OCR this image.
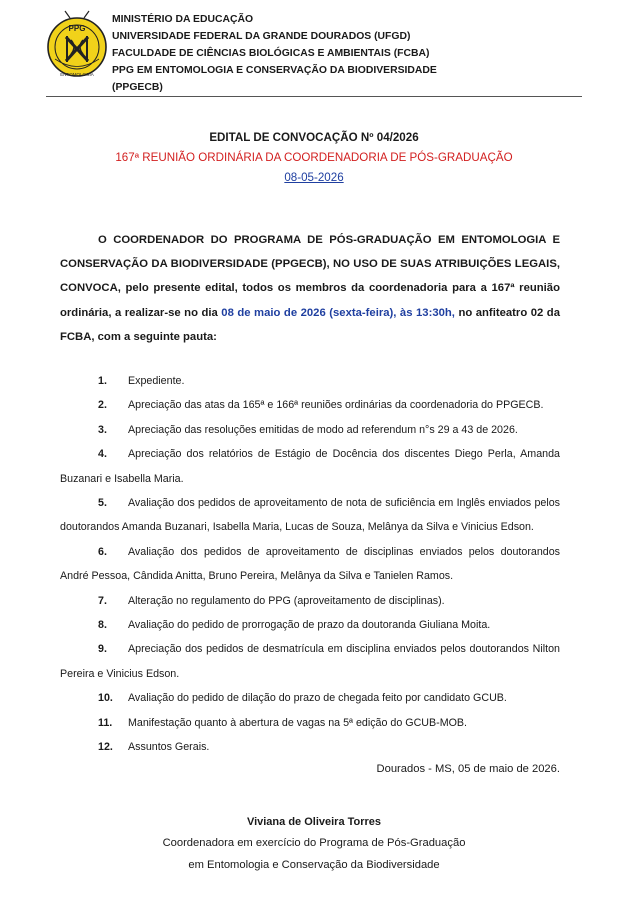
PPG
ENTOMOLOGIA
MINISTÉRIO DA EDUCAÇÃO
UNIVERSIDADE FEDERAL DA GRANDE DOURADOS (UFGD)
FACULDADE DE CIÊNCIAS BIOLÓGICAS E AMBIENTAIS (FCBA)
PPG EM ENTOMOLOGIA E CONSERVAÇÃO DA BIODIVERSIDADE
(PPGECB)
EDITAL DE CONVOCAÇÃO Nº 04/2026
167ª REUNIÃO ORDINÁRIA DA COORDENADORIA DE PÓS-GRADUAÇÃO
08-05-2026
O COORDENADOR DO PROGRAMA DE PÓS-GRADUAÇÃO EM ENTOMOLOGIA E CONSERVAÇÃO DA BIODIVERSIDADE (PPGECB), NO USO DE SUAS ATRIBUIÇÕES LEGAIS, CONVOCA, pelo presente edital, todos os membros da coordenadoria para a 167ª reunião ordinária, a realizar-se no dia 08 de maio de 2026 (sexta-feira), às 13:30h, no anfiteatro 02 da FCBA, com a seguinte pauta:
1. Expediente.
2. Apreciação das atas da 165ª e 166ª reuniões ordinárias da coordenadoria do PPGECB.
3. Apreciação das resoluções emitidas de modo ad referendum n°s 29 a 43 de 2026.
4. Apreciação dos relatórios de Estágio de Docência dos discentes Diego Perla, Amanda Buzanari e Isabella Maria.
5. Avaliação dos pedidos de aproveitamento de nota de suficiência em Inglês enviados pelos doutorandos Amanda Buzanari, Isabella Maria, Lucas de Souza, Melânya da Silva e Vinicius Edson.
6. Avaliação dos pedidos de aproveitamento de disciplinas enviados pelos doutorandos André Pessoa, Cândida Anitta, Bruno Pereira, Melânya da Silva e Tanielen Ramos.
7. Alteração no regulamento do PPG (aproveitamento de disciplinas).
8. Avaliação do pedido de prorrogação de prazo da doutoranda Giuliana Moita.
9. Apreciação dos pedidos de desmatrícula em disciplina enviados pelos doutorandos Nilton Pereira e Vinicius Edson.
10. Avaliação do pedido de dilação do prazo de chegada feito por candidato GCUB.
11. Manifestação quanto à abertura de vagas na 5ª edição do GCUB-MOB.
12. Assuntos Gerais.
Dourados - MS, 05 de maio de 2026.
Viviana de Oliveira Torres
Coordenadora em exercício do Programa de Pós-Graduação
em Entomologia e Conservação da Biodiversidade
